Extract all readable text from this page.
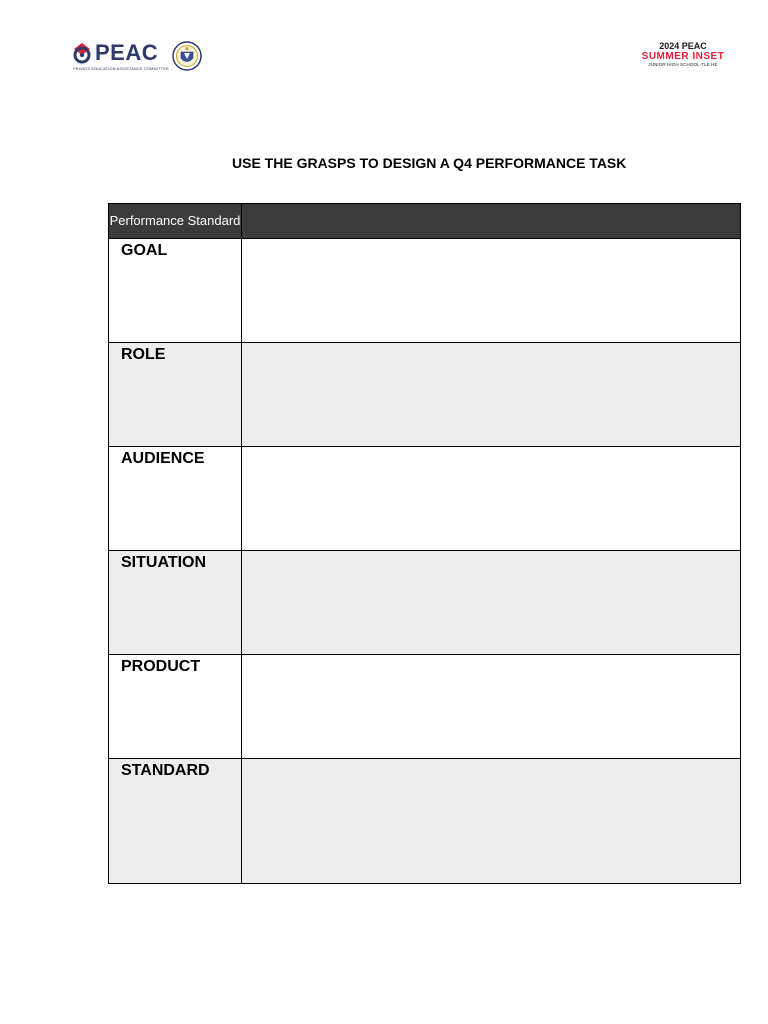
PEAC
PRIVATE EDUCATION ASSISTANCE COMMITTEE
2024 PEAC
SUMMER INSET
JUNIOR HIGH SCHOOL-TLE HE
USE THE GRASPS TO DESIGN A Q4 PERFORMANCE TASK
Performance Standard	
GOAL	
ROLE	
AUDIENCE	
SITUATION	
PRODUCT	
STANDARD	
